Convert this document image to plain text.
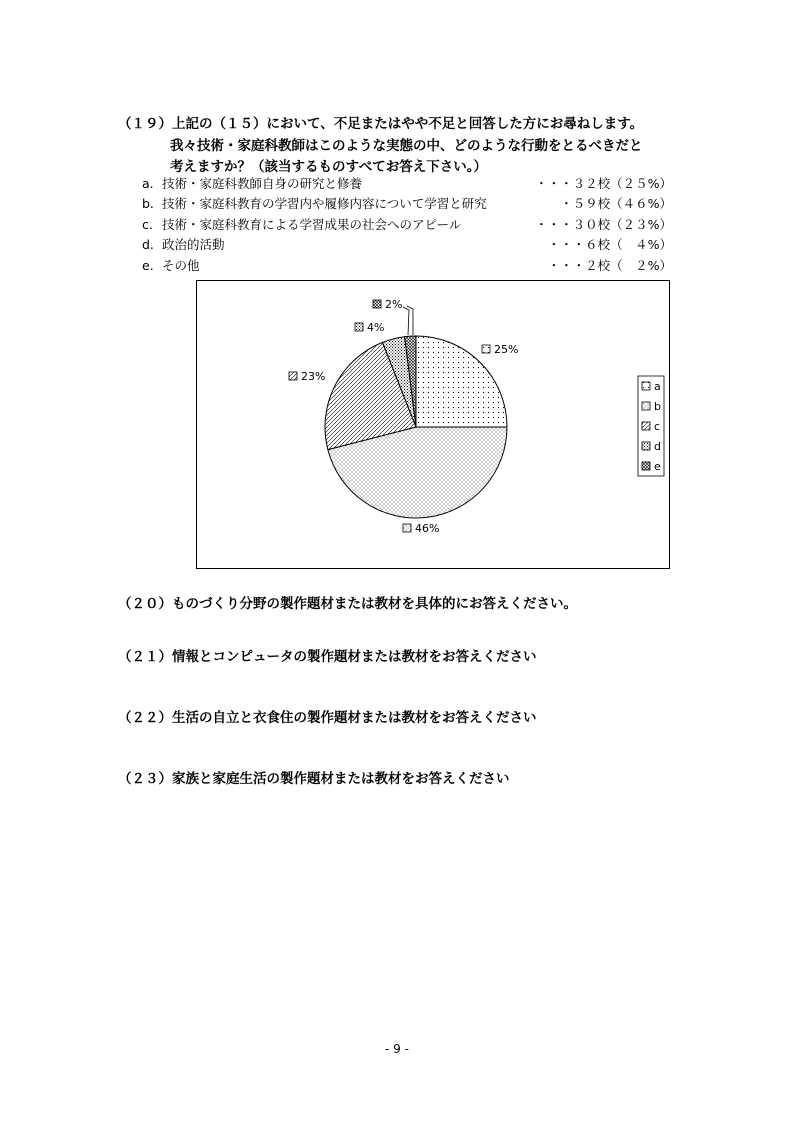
（１９）上記の（１５）において、不足またはやや不足と回答した方にお尋ねします。
我々技術・家庭科教師はこのような実態の中、どのような行動をとるべきだと
考えますか？（該当するものすべてお答え下さい。）
a. 技術・家庭科教師自身の研究と修養	・・・３２校（２５%）
b. 技術・家庭科教育の学習内や履修内容について学習と研究	・５９校（４６%）
c. 技術・家庭科教育による学習成果の社会へのアピール	・・・３０校（２３%）
d. 政治的活動	・・・６校（　４%）
e. その他	・・・２校（　２%）
25%
46%
23%
4%
2%
a
b
c
d
e
（２０）ものづくり分野の製作題材または教材を具体的にお答えください。
（２１）情報とコンピュータの製作題材または教材をお答えください
（２２）生活の自立と衣食住の製作題材または教材をお答えください
（２３）家族と家庭生活の製作題材または教材をお答えください
- 9 -
